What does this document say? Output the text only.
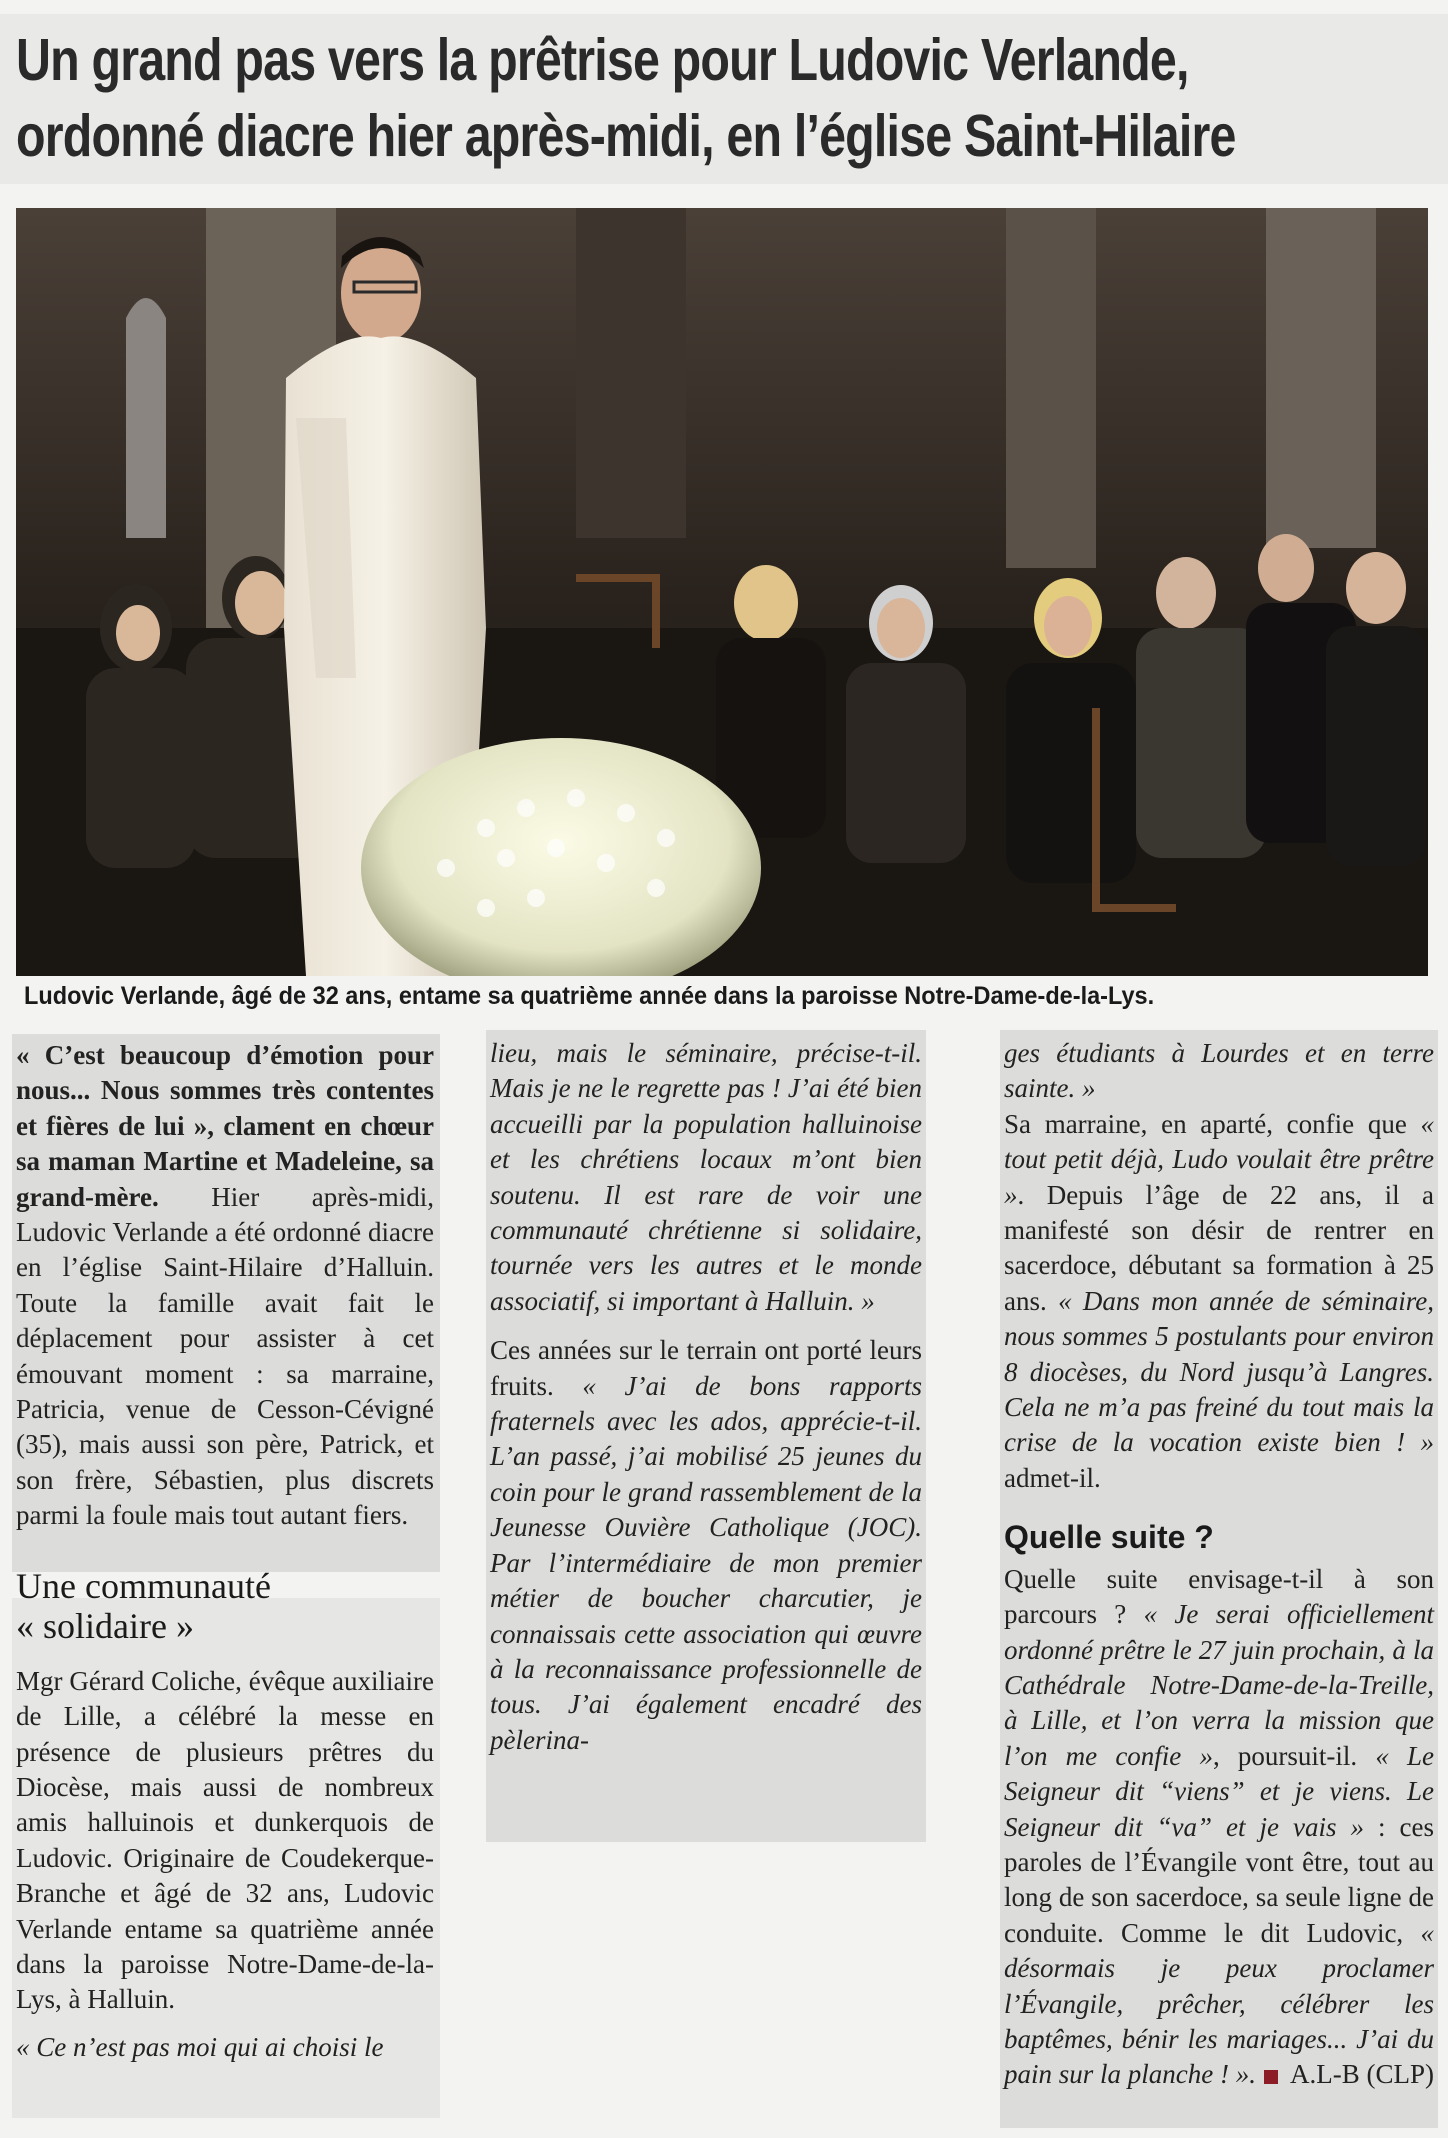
Un grand pas vers la prêtrise pour Ludovic Verlande,
ordonné diacre hier après-midi, en l’église Saint-Hilaire
Ludovic Verlande, âgé de 32 ans, entame sa quatrième année dans la paroisse Notre-Dame-de-la-Lys.

« C’est beaucoup d’émotion pour nous... Nous sommes très contentes et fières de lui », clament en chœur sa maman Martine et Madeleine, sa grand-mère. Hier après-midi, Ludovic Verlande a été ordonné diacre en l’église Saint-Hilaire d’Halluin. Toute la famille avait fait le déplacement pour assister à cet émouvant moment : sa marraine, Patricia, venue de Cesson-Cévigné (35), mais aussi son père, Patrick, et son frère, Sébastien, plus discrets parmi la foule mais tout autant fiers.

Une communauté
« solidaire »

Mgr Gérard Coliche, évêque auxiliaire de Lille, a célébré la messe en présence de plusieurs prêtres du Diocèse, mais aussi de nombreux amis halluinois et dunkerquois de Ludovic. Originaire de Coudekerque-Branche et âgé de 32 ans, Ludovic Verlande entame sa quatrième année dans la paroisse Notre-Dame-de-la-Lys, à Halluin.

« Ce n’est pas moi qui ai choisi le

lieu, mais le séminaire, précise-t-il. Mais je ne le regrette pas ! J’ai été bien accueilli par la population halluinoise et les chrétiens locaux m’ont bien soutenu. Il est rare de voir une communauté chrétienne si solidaire, tournée vers les autres et le monde associatif, si important à Halluin. »

Ces années sur le terrain ont porté leurs fruits. « J’ai de bons rapports fraternels avec les ados, apprécie-t-il. L’an passé, j’ai mobilisé 25 jeunes du coin pour le grand rassemblement de la Jeunesse Ouvière Catholique (JOC). Par l’intermédiaire de mon premier métier de boucher charcutier, je connaissais cette association qui œuvre à la reconnaissance professionnelle de tous. J’ai également encadré des pèlerina-

ges étudiants à Lourdes et en terre sainte. »

Sa marraine, en aparté, confie que « tout petit déjà, Ludo voulait être prêtre ». Depuis l’âge de 22 ans, il a manifesté son désir de rentrer en sacerdoce, débutant sa formation à 25 ans. « Dans mon année de séminaire, nous sommes 5 postulants pour environ 8 diocèses, du Nord jusqu’à Langres. Cela ne m’a pas freiné du tout mais la crise de la vocation existe bien ! » admet-il.

Quelle suite ?

Quelle suite envisage-t-il à son parcours ? « Je serai officiellement ordonné prêtre le 27 juin prochain, à la Cathédrale Notre-Dame-de-la-Treille, à Lille, et l’on verra la mission que l’on me confie », poursuit-il. « Le Seigneur dit “viens” et je viens. Le Seigneur dit “va” et je vais » : ces paroles de l’Évangile vont être, tout au long de son sacerdoce, sa seule ligne de conduite. Comme le dit Ludovic, « désormais je peux proclamer l’Évangile, prêcher, célébrer les baptêmes, bénir les mariages... J’ai du pain sur la planche ! ». A.L-B (CLP)
